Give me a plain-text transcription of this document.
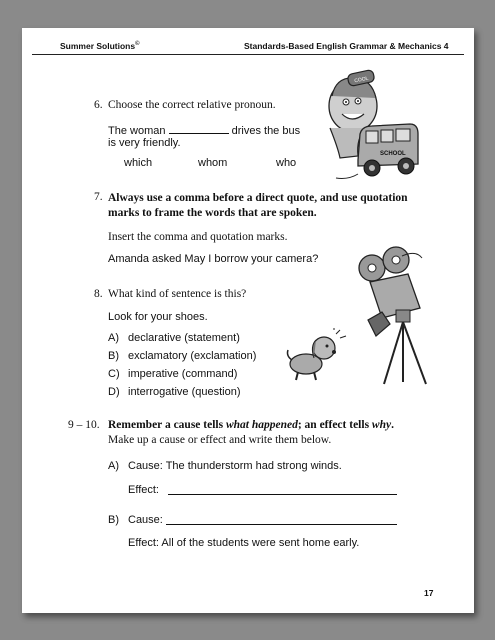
Summer Solutions©	Standards-Based English Grammar & Mechanics 4
6. Choose the correct relative pronoun.
The woman	drives the bus
is very friendly.
which	whom	who
COOL
SCHOOL
7. Always use a comma before a direct quote, and use quotation
marks to frame the words that are spoken.
Insert the comma and quotation marks.
Amanda asked May I borrow your camera?
8. What kind of sentence is this?
Look for your shoes.
A) declarative (statement)
B) exclamatory (exclamation)
C) imperative (command)
D) interrogative (question)
9 – 10. Remember a cause tells what happened; an effect tells why.
Make up a cause or effect and write them below.
A) Cause: The thunderstorm had strong winds.
Effect:
B) Cause:
Effect: All of the students were sent home early.
17
